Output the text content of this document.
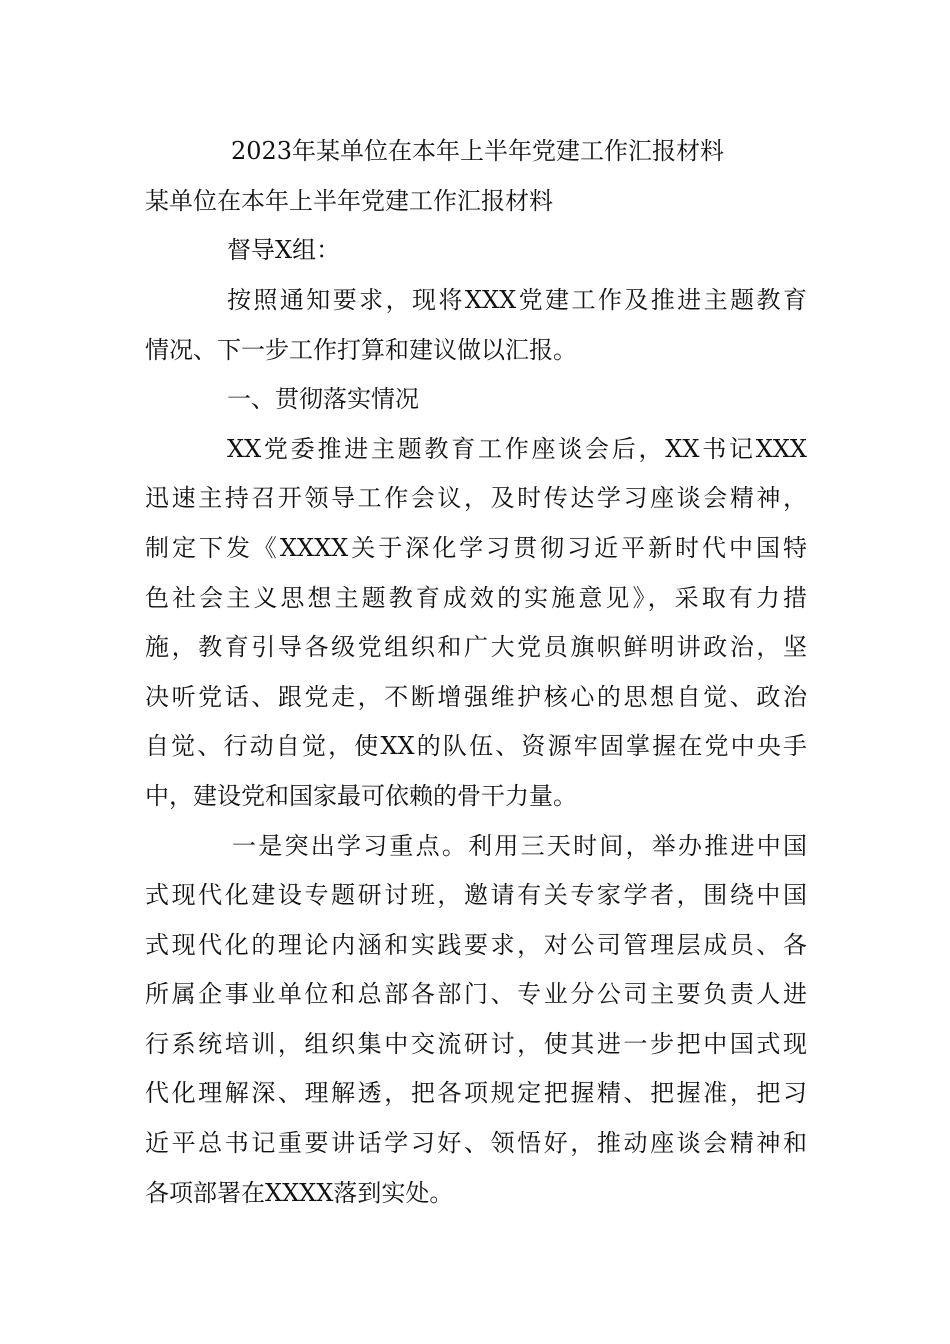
2023年某单位在本年上半年党建工作汇报材料
某单位在本年上半年党建工作汇报材料
督导X组：
按照通知要求，现将XXX党建工作及推进主题教育
情况、下一步工作打算和建议做以汇报。
一、贯彻落实情况
XX党委推进主题教育工作座谈会后，XX书记XXX
迅速主持召开领导工作会议，及时传达学习座谈会精神，
制定下发《XXXX关于深化学习贯彻习近平新时代中国特
色社会主义思想主题教育成效的实施意见》，采取有力措
施，教育引导各级党组织和广大党员旗帜鲜明讲政治，坚
决听党话、跟党走，不断增强维护核心的思想自觉、政治
自觉、行动自觉，使XX的队伍、资源牢固掌握在党中央手
中，建设党和国家最可依赖的骨干力量。
一是突出学习重点。利用三天时间，举办推进中国
式现代化建设专题研讨班，邀请有关专家学者，围绕中国
式现代化的理论内涵和实践要求，对公司管理层成员、各
所属企事业单位和总部各部门、专业分公司主要负责人进
行系统培训，组织集中交流研讨，使其进一步把中国式现
代化理解深、理解透，把各项规定把握精、把握准，把习
近平总书记重要讲话学习好、领悟好，推动座谈会精神和
各项部署在XXXX落到实处。
